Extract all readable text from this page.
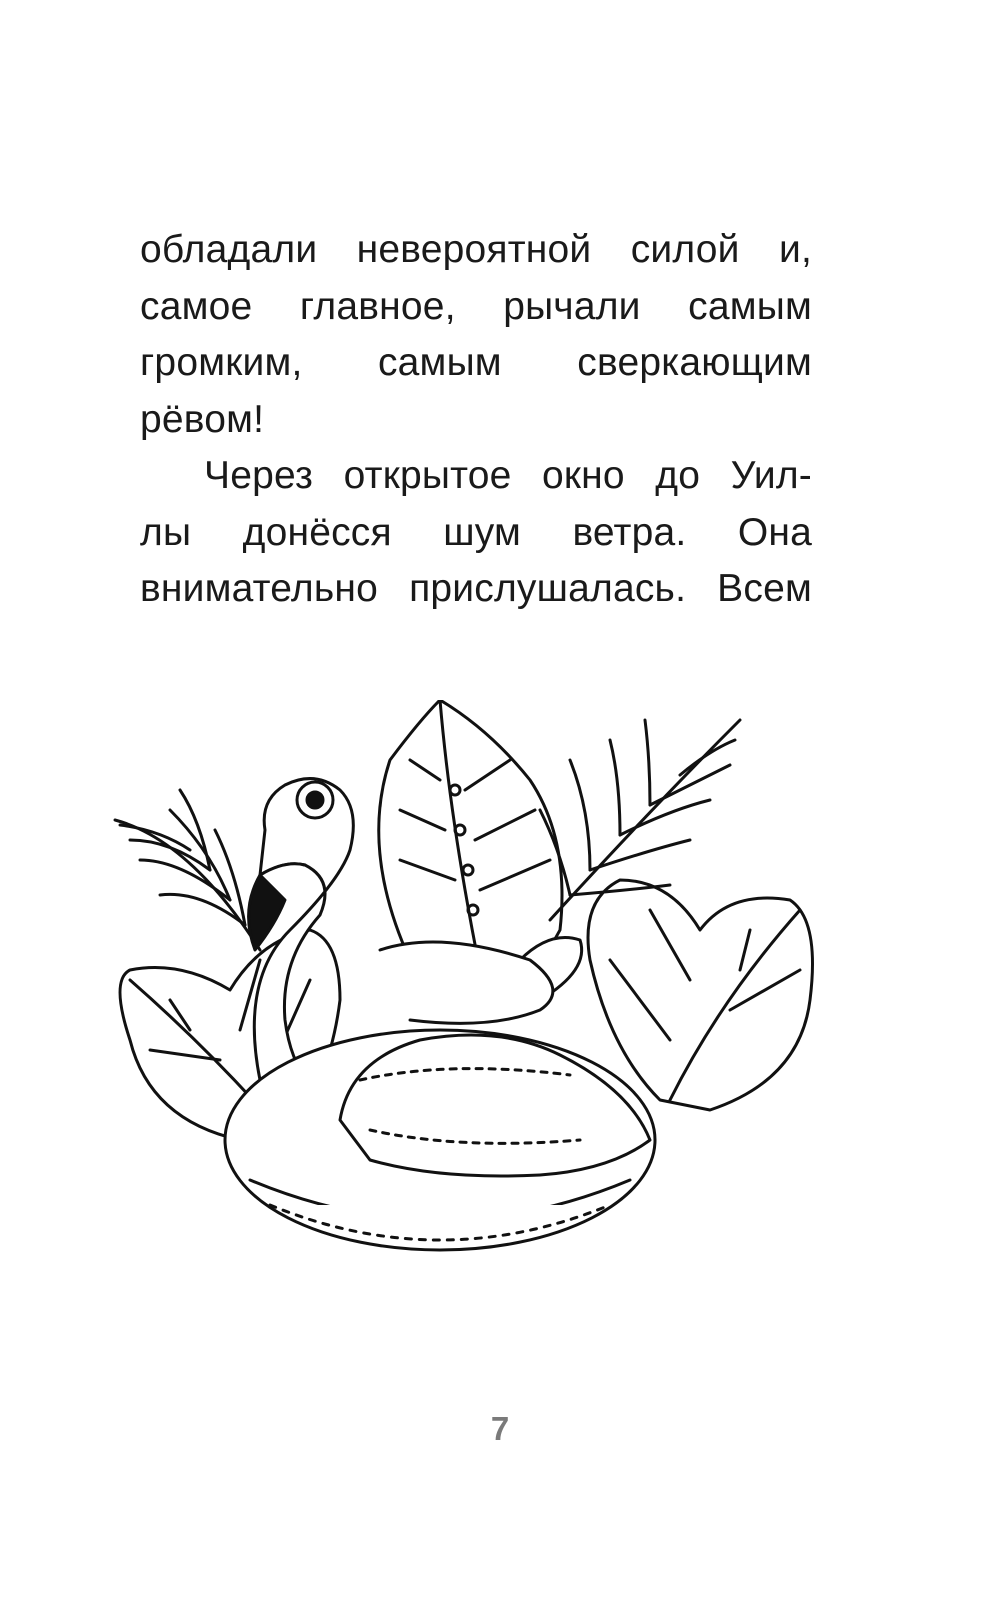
обладали невероятной силой и,
самое главное, рычали самым
громким, самым сверкающим
рёвом!
Через открытое окно до Уил-
лы донёсся шум ветра. Она
внимательно прислушалась. Всем
7
